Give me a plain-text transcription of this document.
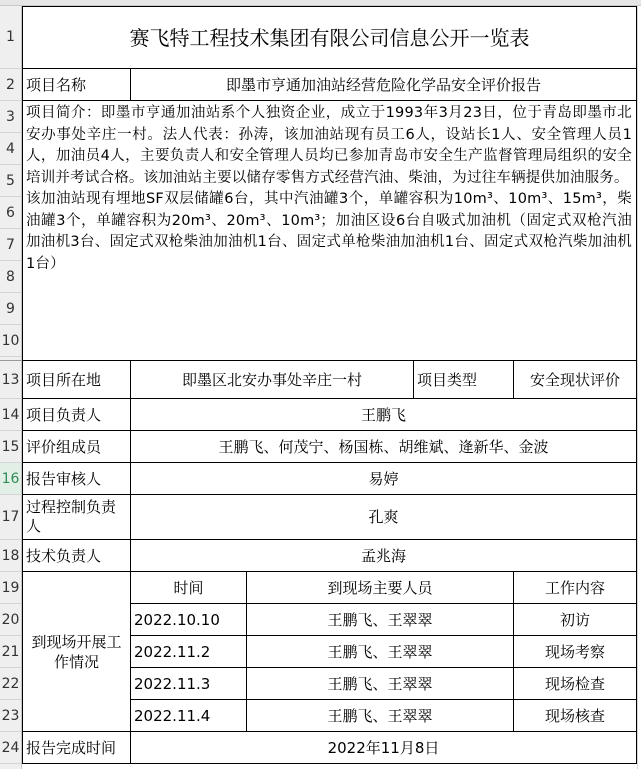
1
2
3
4
5
6
7
8
9
10
13
14
15
16
17
18
19
20
21
22
23
24
赛飞特工程技术集团有限公司信息公开一览表
项目名称	即墨市亨通加油站经营危险化学品安全评价报告

项目简介：即墨市亨通加油站系个人独资企业，成立于1993年3月23日，位于青岛即墨市北安办事处辛庄一村。法人代表：孙涛，该加油站现有员工6人，设站长1人、安全管理人员1人，加油员4人，主要负责人和安全管理人员均已参加青岛市安全生产监督管理局组织的安全培训并考试合格。该加油站主要以储存零售方式经营汽油、柴油，为过往车辆提供加油服务。

该加油站现有埋地SF双层储罐6台，其中汽油罐3个，单罐容积为10m³、10m³、15m³，柴油罐3个，单罐容积为20m³、20m³、10m³；加油区设6台自吸式加油机（固定式双枪汽油加油机3台、固定式双枪柴油加油机1台、固定式单枪柴油加油机1台、固定式双枪汽柴加油机1台）

项目所在地	即墨区北安办事处辛庄一村	项目类型	安全现状评价
项目负责人	王鹏飞
评价组成员	王鹏飞、何茂宁、杨国栋、胡维斌、逄新华、金波
报告审核人	易婷
过程控制负责人	孔爽
技术负责人	孟兆海
到现场开展工作情况
时间	到现场主要人员	工作内容
2022.10.10	王鹏飞、王翠翠	初访
2022.11.2	王鹏飞、王翠翠	现场考察
2022.11.3	王鹏飞、王翠翠	现场检查
2022.11.4	王鹏飞、王翠翠	现场核查
报告完成时间	2022年11月8日
